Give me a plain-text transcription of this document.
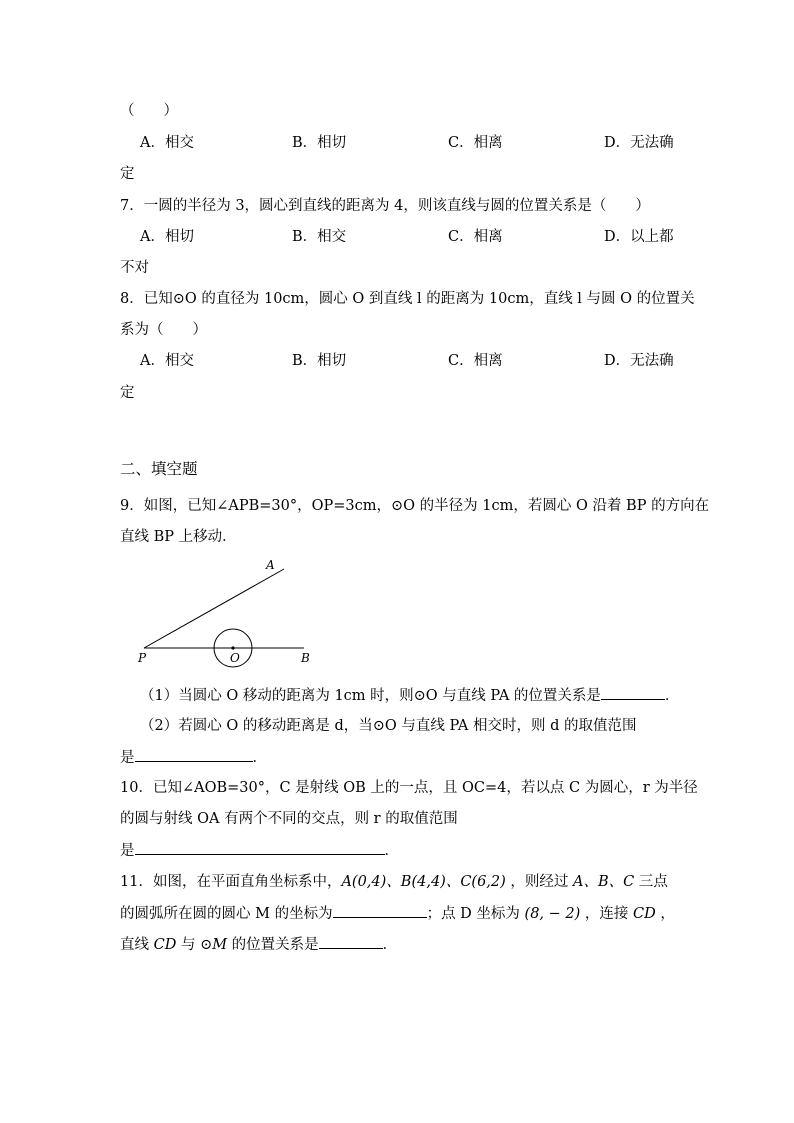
（　　）
A．相交	B．相切	C．相离	D．无法确
定
7．一圆的半径为 3，圆心到直线的距离为 4，则该直线与圆的位置关系是（　　）
A．相切	B．相交	C．相离	D．以上都
不对
8．已知⊙O 的直径为 10cm，圆心 O 到直线 l 的距离为 10cm，直线 l 与圆 O 的位置关
系为（　　）
A．相交	B．相切	C．相离	D．无法确
定
二、填空题
9．如图，已知∠APB=30°，OP=3cm，⊙O 的半径为 1cm，若圆心 O 沿着 BP 的方向在
直线 BP 上移动．
A
P	O	B
（1）当圆心 O 移动的距离为 1cm 时，则⊙O 与直线 PA 的位置关系是	．
（2）若圆心 O 的移动距离是 d，当⊙O 与直线 PA 相交时，则 d 的取值范围
是	．
10．已知∠AOB=30°，C 是射线 OB 上的一点，且 OC=4，若以点 C 为圆心，r 为半径
的圆与射线 OA 有两个不同的交点，则 r 的取值范围
是	．
11．如图，在平面直角坐标系中，A(0,4)、B(4,4)、C(6,2) ，则经过 A、B、C 三点
的圆弧所在圆的圆心 M 的坐标为	；点 D 坐标为 (8, − 2) ，连接 CD ，
直线 CD 与 ⊙M 的位置关系是	．
